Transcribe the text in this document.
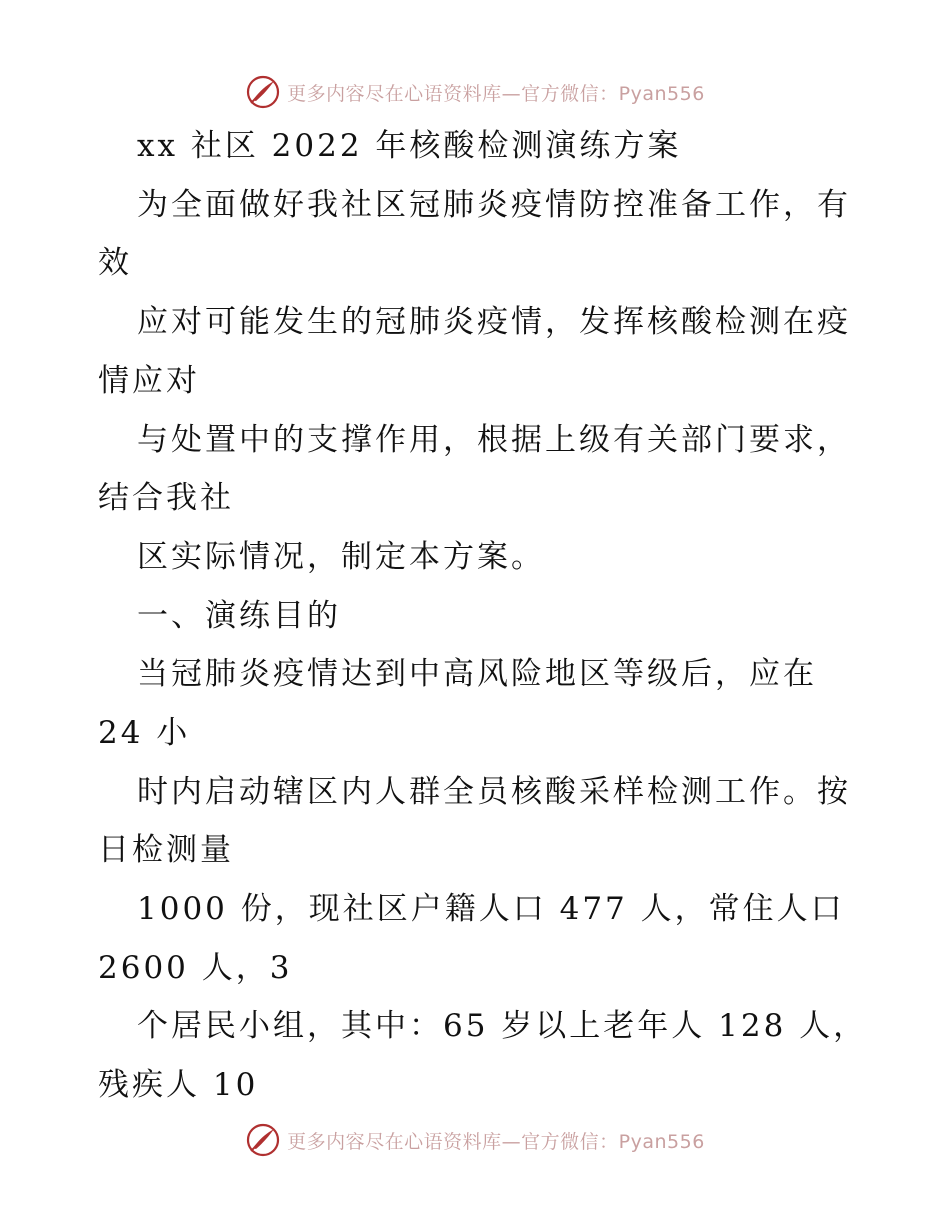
更多内容尽在心语资料库—官方微信：Pyan556
xx 社区 2022 年核酸检测演练方案
为全面做好我社区冠肺炎疫情防控准备工作，有
效
应对可能发生的冠肺炎疫情，发挥核酸检测在疫
情应对
与处置中的支撑作用，根据上级有关部门要求，
结合我社
区实际情况，制定本方案。
一、演练目的
当冠肺炎疫情达到中高风险地区等级后，应在
24 小
时内启动辖区内人群全员核酸采样检测工作。按
日检测量
1000 份，现社区户籍人口 477 人，常住人口
2600 人，3
个居民小组，其中：65 岁以上老年人 128 人，
残疾人 10
更多内容尽在心语资料库—官方微信：Pyan556
